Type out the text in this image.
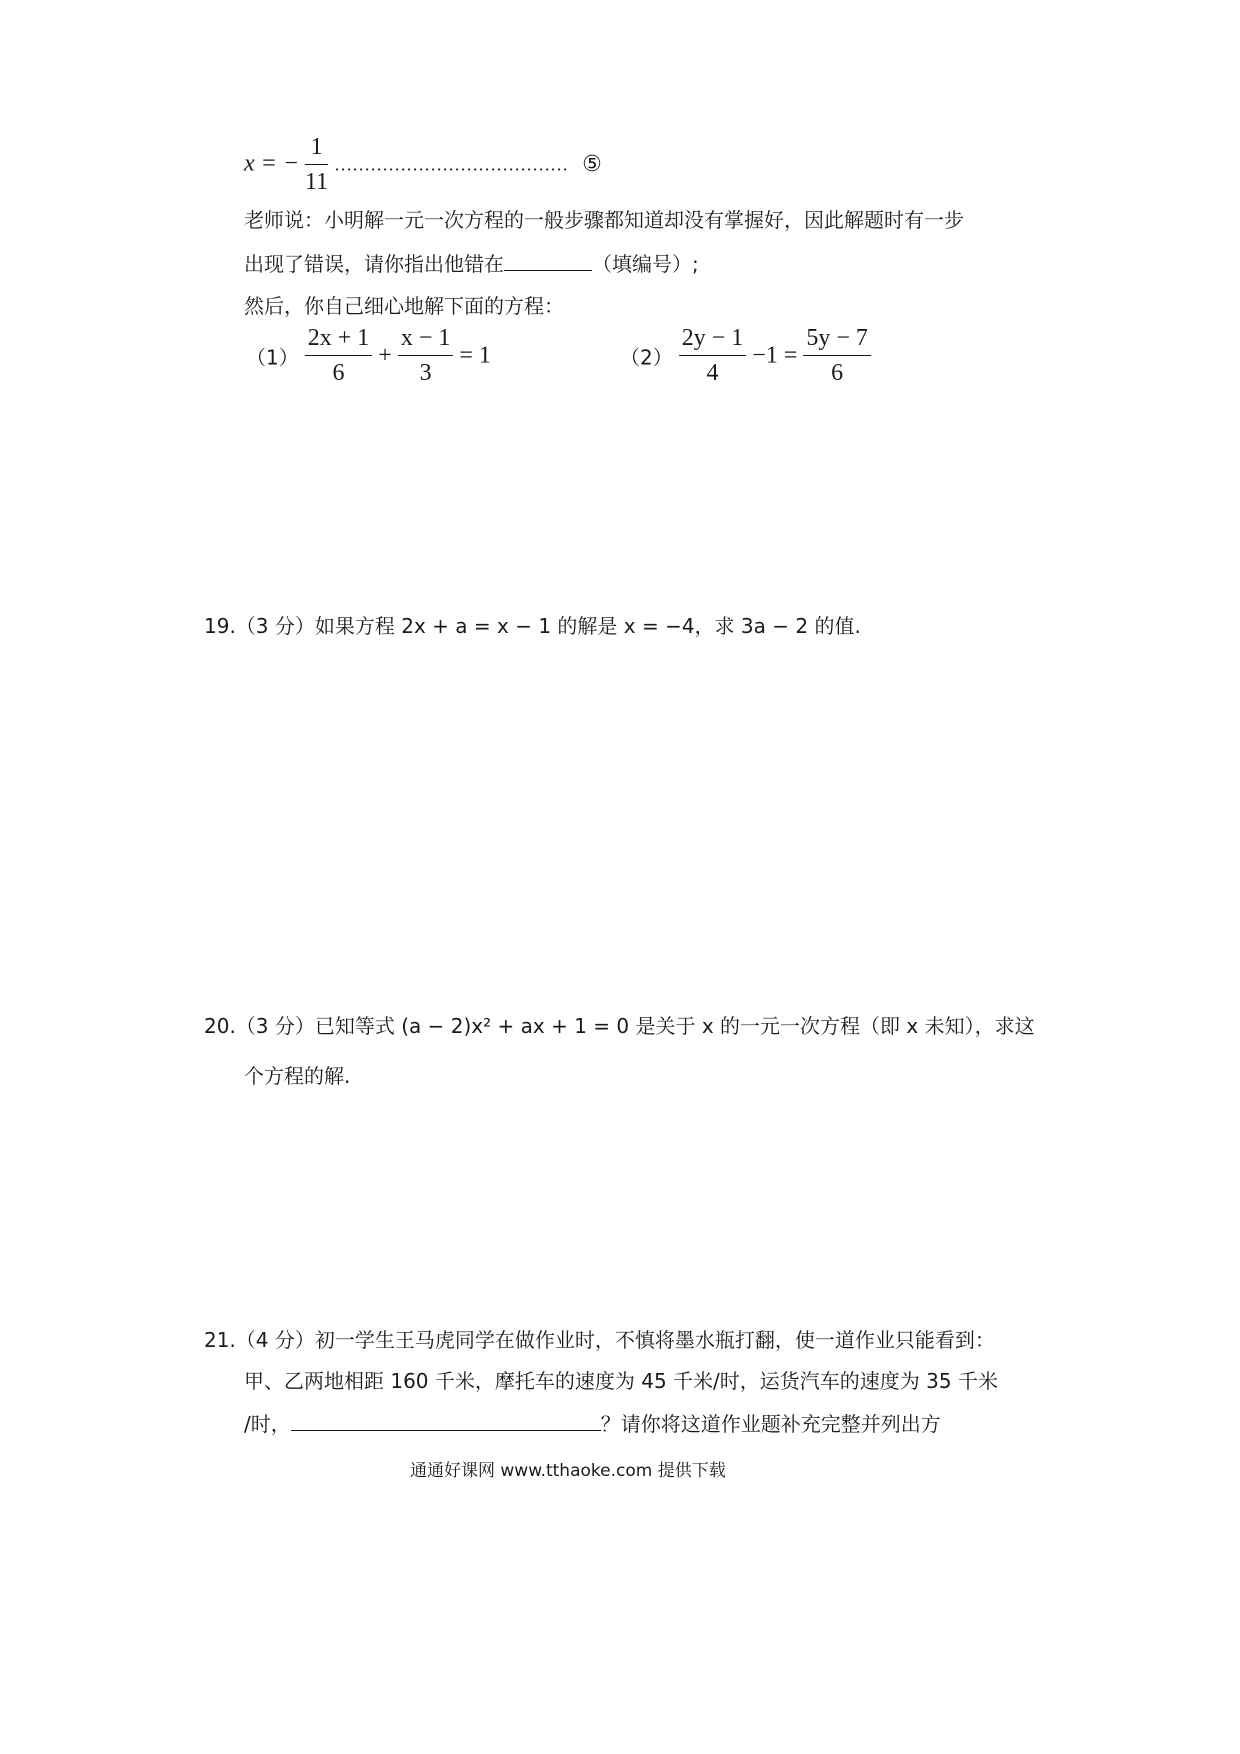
x = − $\frac{1}{11}$ ………………………………… ⑤
老师说：小明解一元一次方程的一般步骤都知道却没有掌握好，因此解题时有一步
出现了错误，请你指出他错在	（填编号）;
然后，你自己细心地解下面的方程：
$(1) \frac{2x + 1}{6} + \frac{x - 1}{3} = 1$	$(2) \frac{2y - 1}{4} -1 = \frac{5y - 7}{6}$
19.（3 分）如果方程 2x + a = x − 1 的解是 x = −4，求 3a − 2 的值.
20.（3 分）已知等式 (a − 2)x² + ax + 1 = 0 是关于 x 的一元一次方程（即 x 未知），求这
个方程的解.
21.（4 分）初一学生王马虎同学在做作业时，不慎将墨水瓶打翻，使一道作业只能看到：
甲、乙两地相距 160 千米，摩托车的速度为 45 千米/时，运货汽车的速度为 35 千米
/时，	？请你将这道作业题补充完整并列出方
通通好课网 www.tthaoke.com 提供下载
